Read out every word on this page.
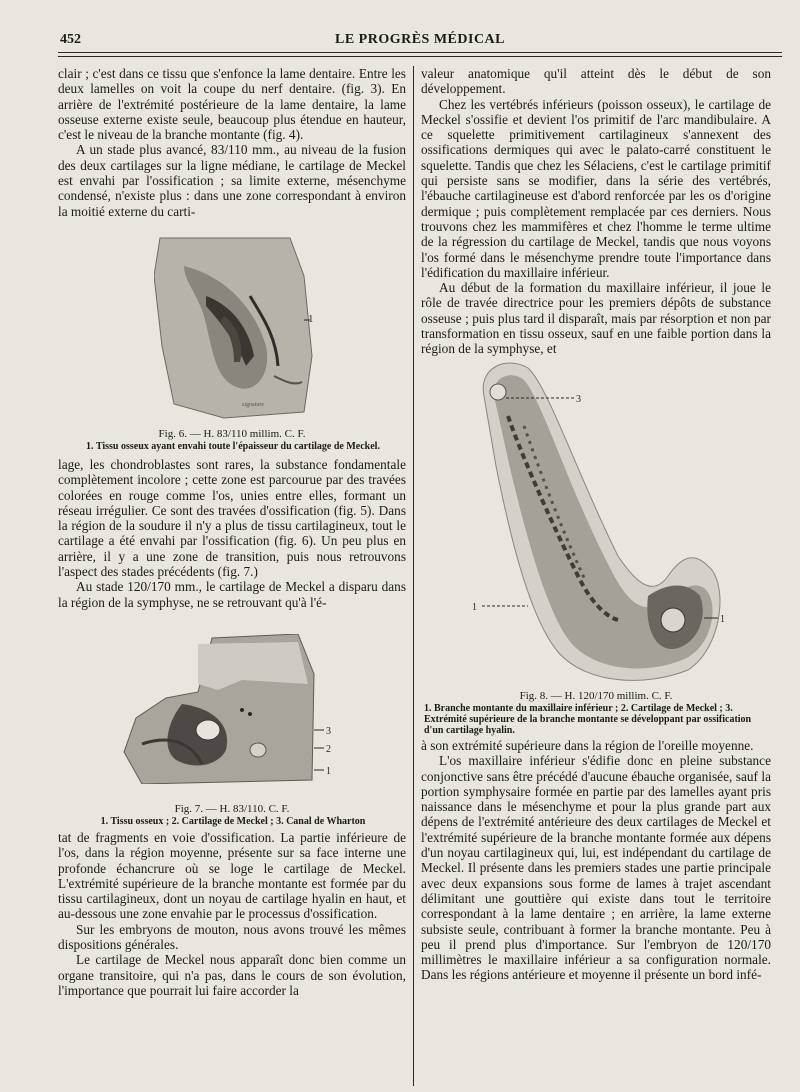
452	LE PROGRÈS MÉDICAL

clair ; c'est dans ce tissu que s'enfonce la lame dentaire. Entre les deux lamelles on voit la coupe du nerf dentaire. (fig. 3). En arrière de l'extrémité postérieure de la lame dentaire, la lame osseuse externe existe seule, beaucoup plus étendue en hauteur, c'est le niveau de la branche montante (fig. 4).

A un stade plus avancé, 83/110 mm., au niveau de la fusion des deux cartilages sur la ligne médiane, le cartilage de Meckel est envahi par l'ossification ; sa limite externe, mésenchyme condensé, n'existe plus : dans une zone correspondant à environ la moitié externe du carti-

1
signature
Fig. 6. — H. 83/110 millim. C. F.
1. Tissu osseux ayant envahi toute l'épaisseur du cartilage de Meckel.

lage, les chondroblastes sont rares, la substance fondamentale complètement incolore ; cette zone est parcourue par des travées colorées en rouge comme l'os, unies entre elles, formant un réseau irrégulier. Ce sont des travées d'ossification (fig. 5). Dans la région de la soudure il n'y a plus de tissu cartilagineux, tout le cartilage a été envahi par l'ossification (fig. 6). Un peu plus en arrière, il y a une zone de transition, puis nous retrouvons l'aspect des stades précédents (fig. 7.)

Au stade 120/170 mm., le cartilage de Meckel a disparu dans la région de la symphyse, ne se retrouvant qu'à l'é-

3
2
1
Fig. 7. — H. 83/110. C. F.
1. Tissu osseux ; 2. Cartilage de Meckel ; 3. Canal de Wharton

tat de fragments en voie d'ossification. La partie inférieure de l'os, dans la région moyenne, présente sur sa face interne une profonde échancrure où se loge le cartilage de Meckel. L'extrémité supérieure de la branche montante est formée par du tissu cartilagineux, dont un noyau de cartilage hyalin en haut, et au-dessous une zone envahie par le processus d'ossification.

Sur les embryons de mouton, nous avons trouvé les mêmes dispositions générales.

Le cartilage de Meckel nous apparaît donc bien comme un organe transitoire, qui n'a pas, dans le cours de son évolution, l'importance que pourrait lui faire accorder la

valeur anatomique qu'il atteint dès le début de son développement.

Chez les vertébrés inférieurs (poisson osseux), le cartilage de Meckel s'ossifie et devient l'os primitif de l'arc mandibulaire. A ce squelette primitivement cartilagineux s'annexent des ossifications dermiques qui avec le palato-carré constituent le squelette. Tandis que chez les Sélaciens, c'est le cartilage primitif qui persiste sans se modifier, dans la série des vertébrés, l'ébauche cartilagineuse est d'abord renforcée par les os d'origine dermique ; puis complètement remplacée par ces derniers. Nous trouvons chez les mammifères et chez l'homme le terme ultime de la régression du cartilage de Meckel, tandis que nous voyons l'os formé dans le mésenchyme prendre toute l'importance dans l'édification du maxillaire inférieur.

Au début de la formation du maxillaire inférieur, il joue le rôle de travée directrice pour les premiers dépôts de substance osseuse ; puis plus tard il disparaît, mais par résorption et non par transformation en tissu osseux, sauf en une faible portion dans la région de la symphyse, et

3
1
1
Fig. 8. — H. 120/170 millim. C. F.
1. Branche montante du maxillaire inférieur ; 2. Cartilage de Meckel ; 3. Extrémité supérieure de la branche montante se développant par ossification d'un cartilage hyalin.

à son extrémité supérieure dans la région de l'oreille moyenne.

L'os maxillaire inférieur s'édifie donc en pleine substance conjonctive sans être précédé d'aucune ébauche organisée, sauf la portion symphysaire formée en partie par des lamelles ayant pris naissance dans le mésenchyme et pour la plus grande part aux dépens de l'extrémité antérieure des deux cartilages de Meckel et l'extrémité supérieure de la branche montante formée aux dépens d'un noyau cartilagineux qui, lui, est indépendant du cartilage de Meckel. Il présente dans les premiers stades une partie principale avec deux expansions sous forme de lames à trajet ascendant délimitant une gouttière qui existe dans tout le territoire correspondant à la lame dentaire ; en arrière, la lame externe subsiste seule, contribuant à former la branche montante. Peu à peu il prend plus d'importance. Sur l'embryon de 120/170 millimètres le maxillaire inférieur a sa configuration normale. Dans les régions antérieure et moyenne il présente un bord infé-
